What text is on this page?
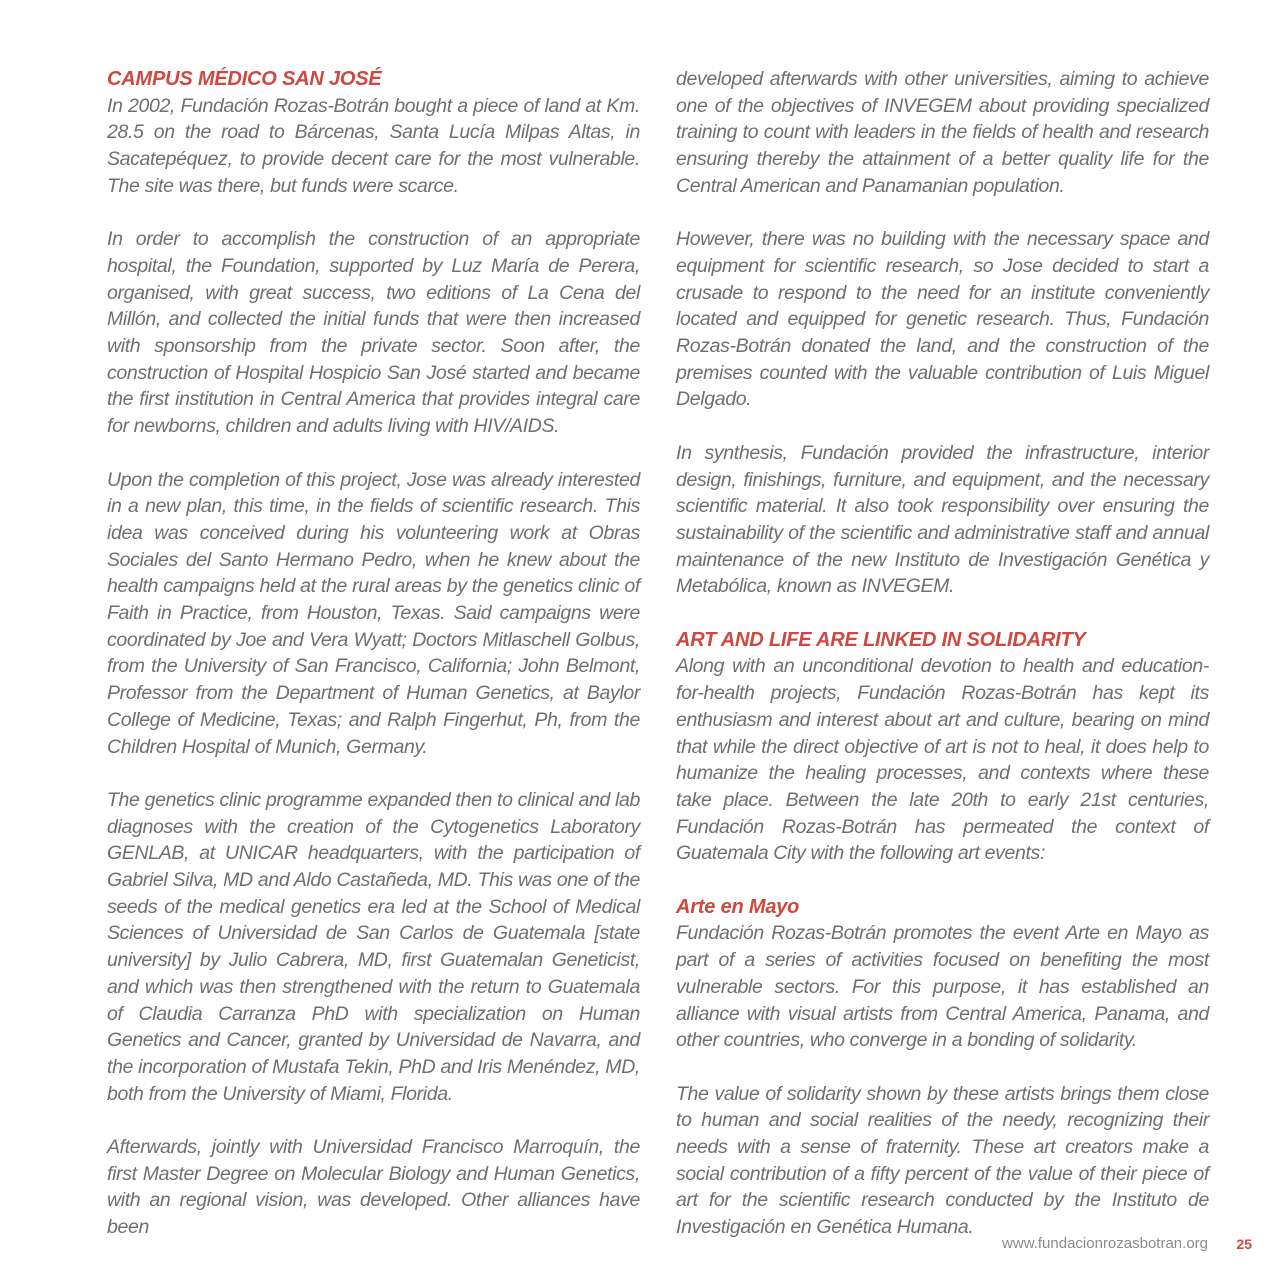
CAMPUS MÉDICO SAN JOSÉ

In 2002, Fundación Rozas-Botrán bought a piece of land at Km. 28.5 on the road to Bárcenas, Santa Lucía Milpas Altas, in Sacatepéquez, to provide decent care for the most vulnerable. The site was there, but funds were scarce.

In order to accomplish the construction of an appropriate hospital, the Foundation, supported by Luz María de Perera, organised, with great success, two editions of La Cena del Millón, and collected the initial funds that were then increased with sponsorship from the private sector. Soon after, the construction of Hospital Hospicio San José started and became the first institution in Central America that provides integral care for newborns, children and adults living with HIV/AIDS.

Upon the completion of this project, Jose was already interested in a new plan, this time, in the fields of scientific research. This idea was conceived during his volunteering work at Obras Sociales del Santo Hermano Pedro, when he knew about the health campaigns held at the rural areas by the genetics clinic of Faith in Practice, from Houston, Texas. Said campaigns were coordinated by Joe and Vera Wyatt; Doctors Mitlaschell Golbus, from the University of San Francisco, California; John Belmont, Professor from the Department of Human Genetics, at Baylor College of Medicine, Texas; and Ralph Fingerhut, Ph, from the Children Hospital of Munich, Germany.

The genetics clinic programme expanded then to clinical and lab diagnoses with the creation of the Cytogenetics Laboratory GENLAB, at UNICAR headquarters, with the participation of Gabriel Silva, MD and Aldo Castañeda, MD. This was one of the seeds of the medical genetics era led at the School of Medical Sciences of Universidad de San Carlos de Guatemala [state university] by Julio Cabrera, MD, first Guatemalan Geneticist, and which was then strengthened with the return to Guatemala of Claudia Carranza PhD with specialization on Human Genetics and Cancer, granted by Universidad de Navarra, and the incorporation of Mustafa Tekin, PhD and Iris Menéndez, MD, both from the University of Miami, Florida.

Afterwards, jointly with Universidad Francisco Marroquín, the first Master Degree on Molecular Biology and Human Genetics, with an regional vision, was developed. Other alliances have been

developed afterwards with other universities, aiming to achieve one of the objectives of INVEGEM about providing specialized training to count with leaders in the fields of health and research ensuring thereby the attainment of a better quality life for the Central American and Panamanian population.

However, there was no building with the necessary space and equipment for scientific research, so Jose decided to start a crusade to respond to the need for an institute conveniently located and equipped for genetic research. Thus, Fundación Rozas-Botrán donated the land, and the construction of the premises counted with the valuable contribution of Luis Miguel Delgado.

In synthesis, Fundación provided the infrastructure, interior design, finishings, furniture, and equipment, and the necessary scientific material. It also took responsibility over ensuring the sustainability of the scientific and administrative staff and annual maintenance of the new Instituto de Investigación Genética y Metabólica, known as INVEGEM.

ART AND LIFE ARE LINKED IN SOLIDARITY

Along with an unconditional devotion to health and education-for-health projects, Fundación Rozas-Botrán has kept its enthusiasm and interest about art and culture, bearing on mind that while the direct objective of art is not to heal, it does help to humanize the healing processes, and contexts where these take place. Between the late 20th to early 21st centuries, Fundación Rozas-Botrán has permeated the context of Guatemala City with the following art events:

Arte en Mayo

Fundación Rozas-Botrán promotes the event Arte en Mayo as part of a series of activities focused on benefiting the most vulnerable sectors. For this purpose, it has established an alliance with visual artists from Central America, Panama, and other countries, who converge in a bonding of solidarity.

The value of solidarity shown by these artists brings them close to human and social realities of the needy, recognizing their needs with a sense of fraternity. These art creators make a social contribution of a fifty percent of the value of their piece of art for the scientific research conducted by the Instituto de Investigación en Genética Humana.

www.fundacionrozasbotran.org 25
